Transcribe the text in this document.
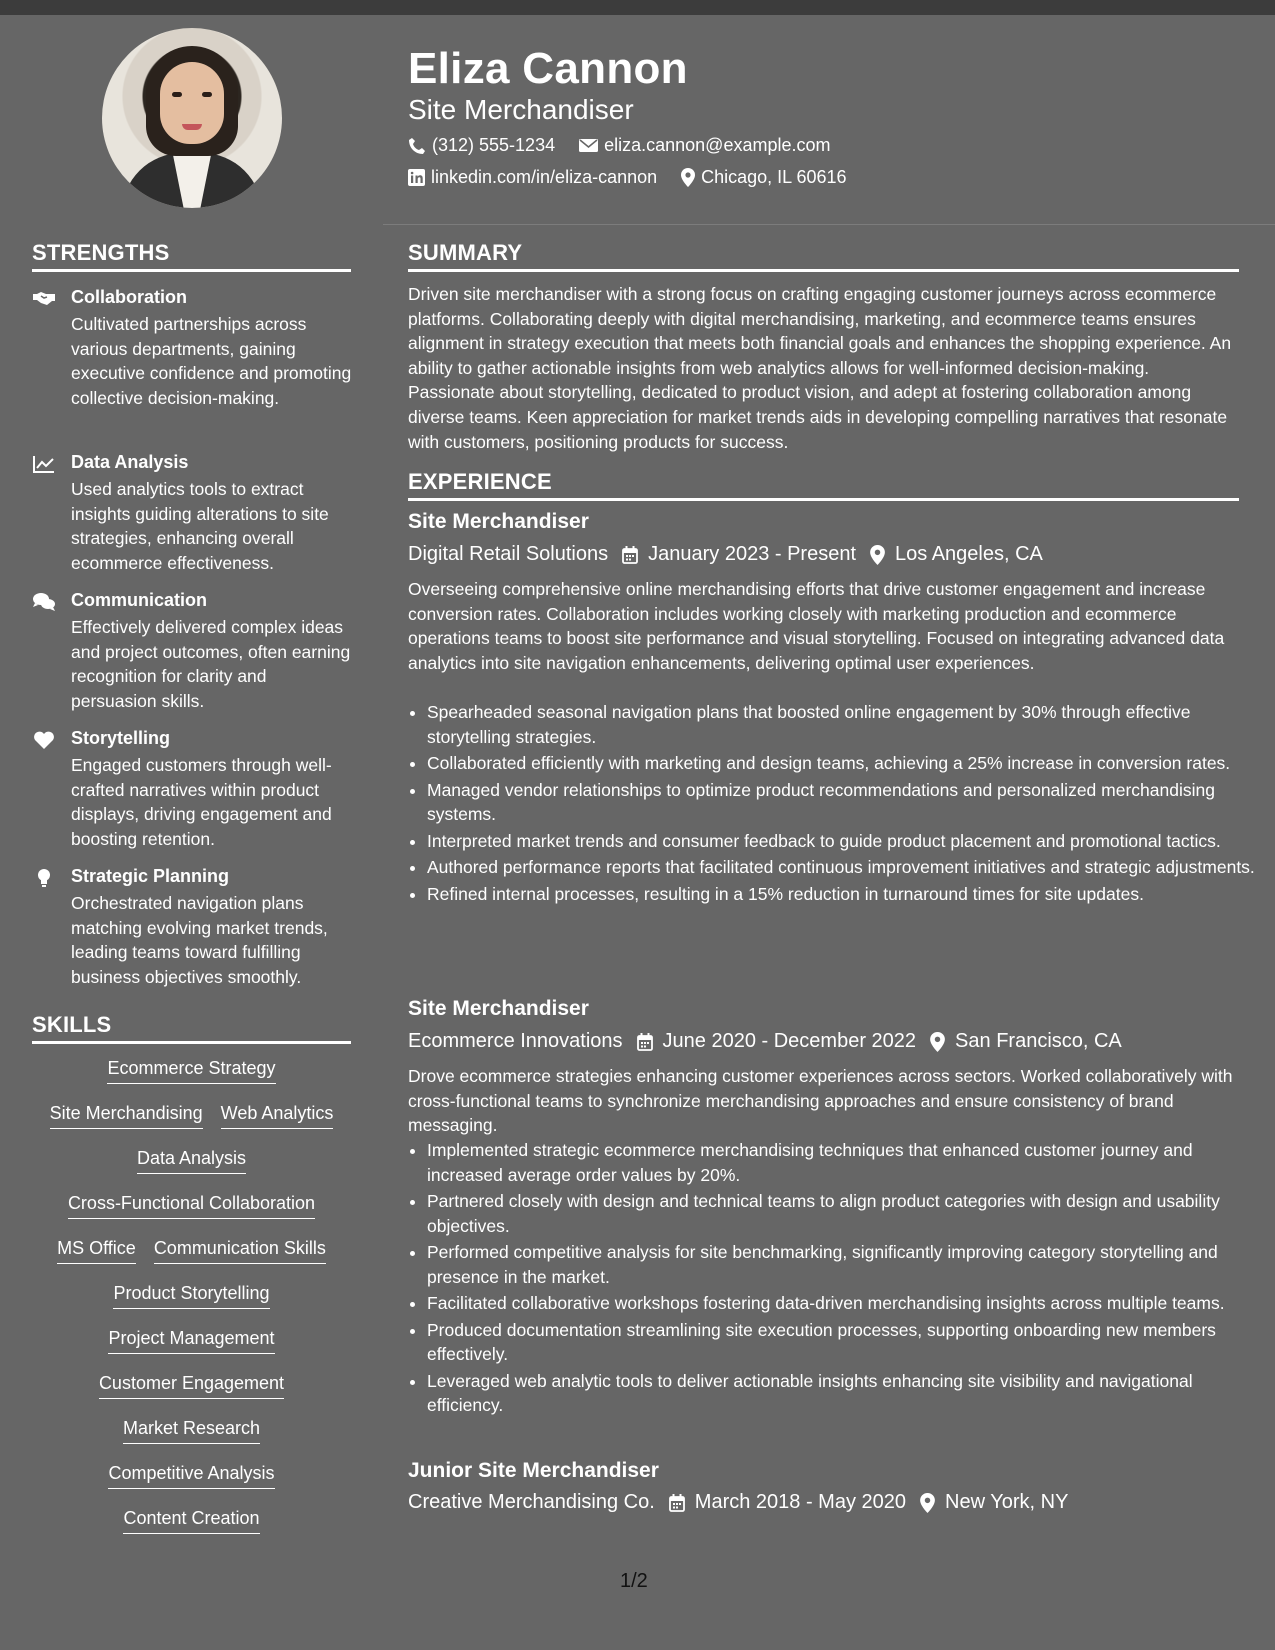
STRENGTHS
Collaboration
Cultivated partnerships across various departments, gaining executive confidence and promoting collective decision-making.
Data Analysis
Used analytics tools to extract insights guiding alterations to site strategies, enhancing overall ecommerce effectiveness.
Communication
Effectively delivered complex ideas and project outcomes, often earning recognition for clarity and persuasion skills.
Storytelling
Engaged customers through well-crafted narratives within product displays, driving engagement and boosting retention.
Strategic Planning
Orchestrated navigation plans matching evolving market trends, leading teams toward fulfilling business objectives smoothly.
SKILLS
Ecommerce Strategy
Site Merchandising Web Analytics
Data Analysis
Cross-Functional Collaboration
MS Office Communication Skills
Product Storytelling
Project Management
Customer Engagement
Market Research
Competitive Analysis
Content Creation
Eliza Cannon
Site Merchandiser
(312) 555-1234	eliza.cannon@example.com
linkedin.com/in/eliza-cannon Chicago, IL 60616
SUMMARY
Driven site merchandiser with a strong focus on crafting engaging customer journeys across ecommerce platforms. Collaborating deeply with digital merchandising, marketing, and ecommerce teams ensures alignment in strategy execution that meets both financial goals and enhances the shopping experience. An ability to gather actionable insights from web analytics allows for well-informed decision-making. Passionate about storytelling, dedicated to product vision, and adept at fostering collaboration among diverse teams. Keen appreciation for market trends aids in developing compelling narratives that resonate with customers, positioning products for success.
EXPERIENCE
Site Merchandiser
Digital Retail Solutions January 2023 - Present Los Angeles, CA
Overseeing comprehensive online merchandising efforts that drive customer engagement and increase conversion rates. Collaboration includes working closely with marketing production and ecommerce operations teams to boost site performance and visual storytelling. Focused on integrating advanced data analytics into site navigation enhancements, delivering optimal user experiences.
• Spearheaded seasonal navigation plans that boosted online engagement by 30% through effective storytelling strategies.
• Collaborated efficiently with marketing and design teams, achieving a 25% increase in conversion rates.
• Managed vendor relationships to optimize product recommendations and personalized merchandising systems.
• Interpreted market trends and consumer feedback to guide product placement and promotional tactics.
• Authored performance reports that facilitated continuous improvement initiatives and strategic adjustments.
• Refined internal processes, resulting in a 15% reduction in turnaround times for site updates.
Site Merchandiser
Ecommerce Innovations June 2020 - December 2022 San Francisco, CA
Drove ecommerce strategies enhancing customer experiences across sectors. Worked collaboratively with cross-functional teams to synchronize merchandising approaches and ensure consistency of brand messaging.
• Implemented strategic ecommerce merchandising techniques that enhanced customer journey and increased average order values by 20%.
• Partnered closely with design and technical teams to align product categories with design and usability objectives.
• Performed competitive analysis for site benchmarking, significantly improving category storytelling and presence in the market.
• Facilitated collaborative workshops fostering data-driven merchandising insights across multiple teams.
• Produced documentation streamlining site execution processes, supporting onboarding new members effectively.
• Leveraged web analytic tools to deliver actionable insights enhancing site visibility and navigational efficiency.
Junior Site Merchandiser
Creative Merchandising Co. March 2018 - May 2020 New York, NY
1/2
